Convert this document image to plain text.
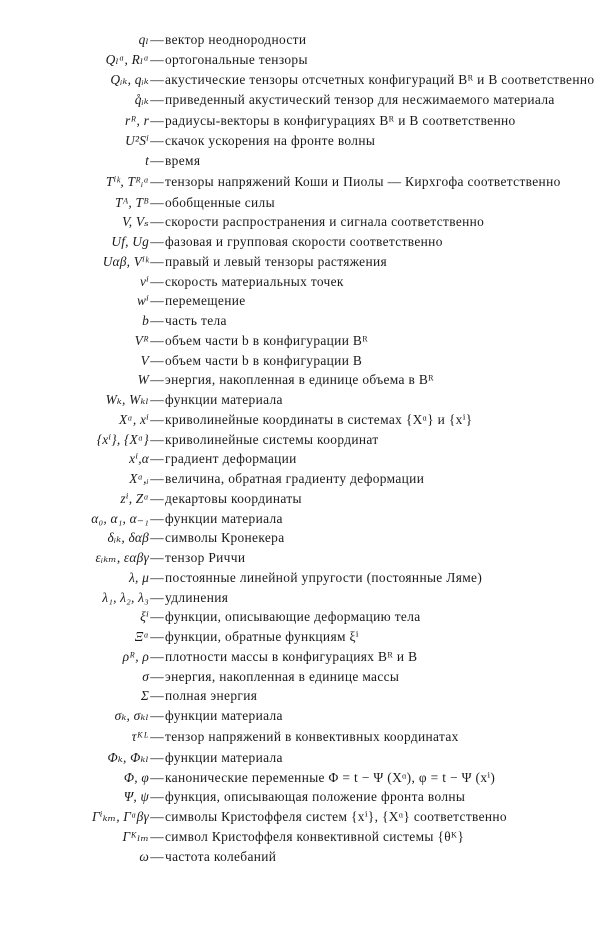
qₗ — вектор неоднородности
Qₗᵅ, Rₗᵅ — ортогональные тензоры
Qᵢₖ, qᵢₖ — акустические тензоры отсчетных конфигураций Bᴿ и B соответственно
q̊ᵢₖ — приведенный акустический тензор для несжимаемого материала
rᴿ, r — радиусы-векторы в конфигурациях Bᴿ и B соответственно
U²Sⁱ — скачок ускорения на фронте волны
t — время
Tⁱᵏ, Tᴿᵢᵅ — тензоры напряжений Коши и Пиолы — Кирхгофа соответственно
Tᴬ, Tᴮ — обобщенные силы
V, Vₛ — скорости распространения и сигнала соответственно
Uf, Ug — фазовая и групповая скорости соответственно
Uαβ, Vⁱᵏ — правый и левый тензоры растяжения
vⁱ — скорость материальных точек
wⁱ — перемещение
b — часть тела
Vᴿ — объем части b в конфигурации Bᴿ
V — объем части b в конфигурации B
W — энергия, накопленная в единице объема в Bᴿ
Wₖ, Wₖₗ — функции материала
Xᵅ, xⁱ — криволинейные координаты в системах {Xᵅ} и {xⁱ}
{xⁱ}, {Xᵅ} — криволинейные системы координат
xⁱ,α — градиент деформации
Xᵅ,ᵢ — величина, обратная градиенту деформации
zⁱ, Zᵅ — декартовы координаты
α₀, α₁, α₋₁ — функции материала
δᵢₖ, δαβ — символы Кронекера
εᵢₖₘ, εαβγ — тензор Риччи
λ, μ — постоянные линейной упругости (постоянные Ляме)
λ₁, λ₂, λ₃ — удлинения
ξⁱ — функции, описывающие деформацию тела
Ξᵅ — функции, обратные функциям ξⁱ
ρᴿ, ρ — плотности массы в конфигурациях Bᴿ и B
σ — энергия, накопленная в единице массы
Σ — полная энергия
σₖ, σₖₗ — функции материала
τᴷᴸ — тензор напряжений в конвективных координатах
Φₖ, Φₖₗ — функции материала
Φ, φ — канонические переменные Φ = t − Ψ (Xᵅ), φ = t − Ψ (xⁱ)
Ψ, ψ — функция, описывающая положение фронта волны
Γⁱₖₘ, Γᵅβγ — символы Кристоффеля систем {xⁱ}, {Xᵅ} соответственно
Γᴷₗₘ — символ Кристоффеля конвективной системы {θᴷ}
ω — частота колебаний
